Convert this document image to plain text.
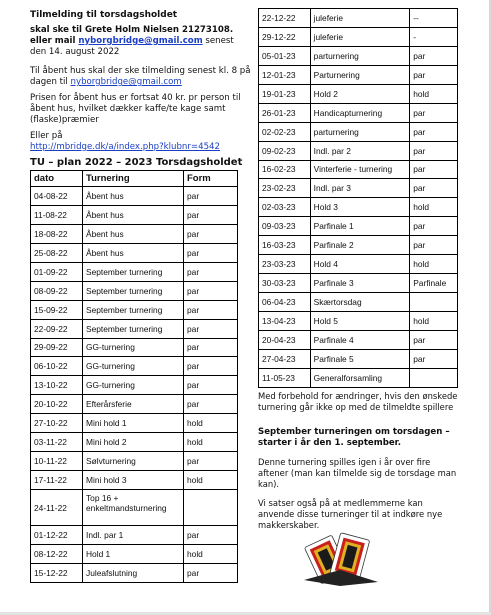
Tilmelding til torsdagsholdet
skal ske til Grete Holm Nielsen 21273108.
eller mail nyborgbridge@gmail.com senest
den 14. august 2022
Til åbent hus skal der ske tilmelding senest kl. 8 på dagen til nyborgbridge@gmail.com
Prisen for åbent hus er fortsat 40 kr. pr person til åbent hus, hvilket dækker kaffe/te kage samt (flaske)præmier
Eller på
http://mbridge.dk/a/index.php?klubnr=4542
TU – plan 2022 – 2023 Torsdagsholdet
dato	Turnering	Form
04-08-22	Åbent hus	par
11-08-22	Åbent hus	par
18-08-22	Åbent hus	par
25-08-22	Åbent hus	par
01-09-22	September turnering	par
08-09-22	September turnering	par
15-09-22	September turnering	par
22-09-22	September turnering	par
29-09-22	GG-turnering	par
06-10-22	GG-turnering	par
13-10-22	GG-turnering	par
20-10-22	Efterårsferie	par
27-10-22	Mini hold 1	hold
03-11-22	Mini hold 2	hold
10-11-22	Sølvturnering	par
17-11-22	Mini hold 3	hold
24-11-22	Top 16 + enkeltmandsturnering	
01-12-22	Indl. par 1	par
08-12-22	Hold 1	hold
15-12-22	Juleafslutning	par
22-12-22	juleferie	--
29-12-22	juleferie	-
05-01-23	parturnering	par
12-01-23	Parturnering	par
19-01-23	Hold 2	hold
26-01-23	Handicapturnering	par
02-02-23	parturnering	par
09-02-23	Indl. par 2	par
16-02-23	Vinterferie - turnering	par
23-02-23	Indl. par 3	par
02-03-23	Hold 3	hold
09-03-23	Parfinale 1	par
16-03-23	Parfinale 2	par
23-03-23	Hold 4	hold
30-03-23	Parfinale 3	Parfinale
06-04-23	Skærtorsdag	
13-04-23	Hold 5	hold
20-04-23	Parfinale 4	par
27-04-23	Parfinale 5	par
11-05-23	Generalforsamling	
Med forbehold for ændringer, hvis den ønskede turnering går ikke op med de tilmeldte spillere
September turneringen om torsdagen – starter i år den 1. september.
Denne turnering spilles igen i år over fire aftener (man kan tilmelde sig de torsdage man kan).
Vi satser også på at medlemmerne kan anvende disse turneringer til at indkøre nye makkerskaber.
